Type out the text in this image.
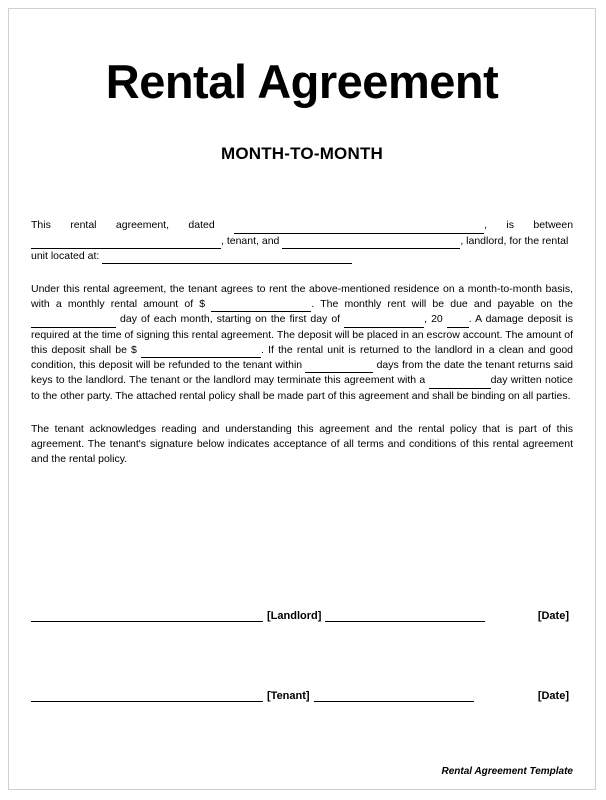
Rental Agreement
MONTH-TO-MONTH
This rental agreement, dated	, is between
, tenant, and	, landlord, for the rental
unit located at:
Under this rental agreement, the tenant agrees to rent the above-mentioned residence on a month-to-month basis, with a monthly rental amount of $	. The monthly rent will be due and payable on the  day of each month, starting on the first day of	, 20 . A damage deposit is required at the time of signing this rental agreement. The deposit will be placed in an escrow account. The amount of this deposit shall be $	. If the rental unit is returned to the landlord in a clean and good condition, this deposit will be refunded to the tenant within	days from the date the tenant returns said keys to the landlord. The tenant or the landlord may terminate this agreement with a	day written notice to the other party. The attached rental policy shall be made part of this agreement and shall be binding on all parties.
The tenant acknowledges reading and understanding this agreement and the rental policy that is part of this agreement. The tenant's signature below indicates acceptance of all terms and conditions of this rental agreement and the rental policy.
[Landlord]	[Date]
[Tenant]	[Date]
Rental Agreement Template
